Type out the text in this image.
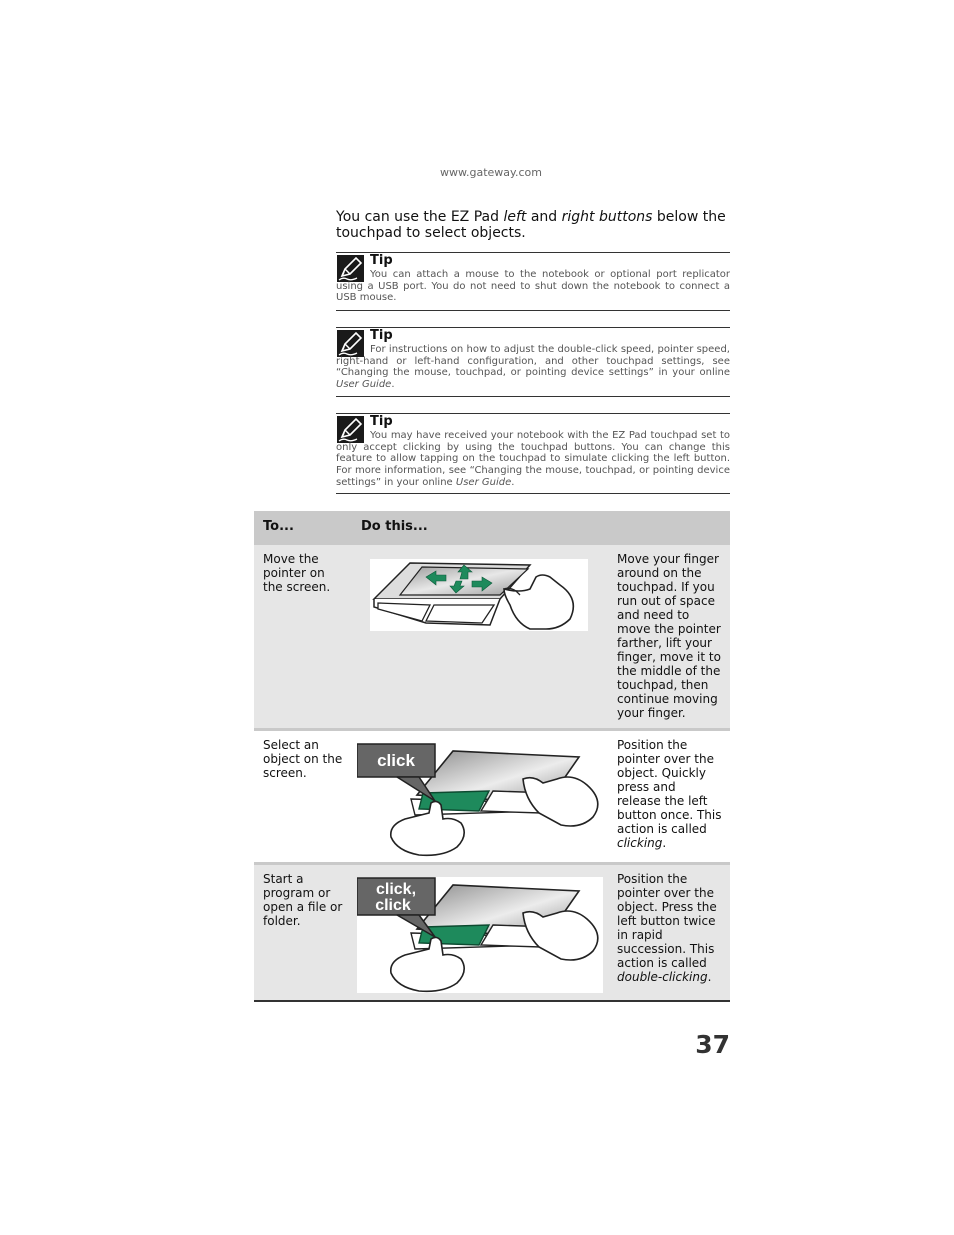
www.gateway.com
You can use the EZ Pad left and right buttons below the touchpad to select objects.
Tip
You can attach a mouse to the notebook or optional port replicator using a USB port. You do not need to shut down the notebook to connect a USB mouse.
Tip
For instructions on how to adjust the double-click speed, pointer speed, right-hand or left-hand configuration, and other touchpad settings, see “Changing the mouse, touchpad, or pointing device settings” in your online User Guide.
Tip
You may have received your notebook with the EZ Pad touchpad set to only accept clicking by using the touchpad buttons. You can change this feature to allow tapping on the touchpad to simulate clicking the left button. For more information, see “Changing the mouse, touchpad, or pointing device settings” in your online User Guide.
To...	Do this...
Move the pointer on the screen.
Move your finger around on the touchpad. If you run out of space and need to move the pointer farther, lift your finger, move it to the middle of the touchpad, then continue moving your finger.
Select an object on the screen.
click
Position the pointer over the object. Quickly press and release the left button once. This action is called clicking.
Start a program or open a file or folder.
click,
click
Position the pointer over the object. Press the left button twice in rapid succession. This action is called double-clicking.
37
